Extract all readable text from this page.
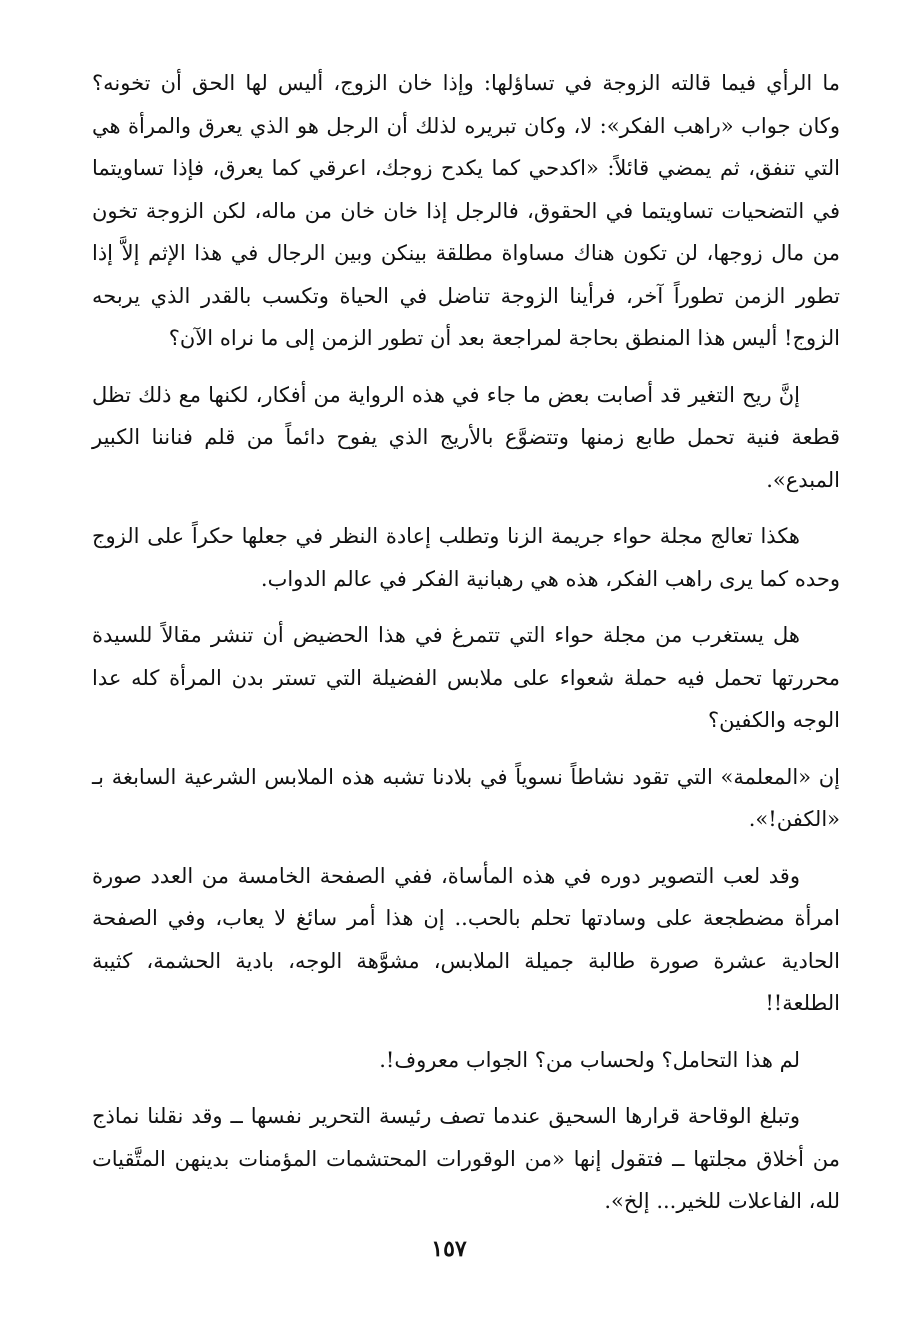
ما الرأي فيما قالته الزوجة في تساؤلها: وإذا خان الزوج، أليس لها الحق أن تخونه؟ وكان جواب «راهب الفكر»: لا، وكان تبريره لذلك أن الرجل هو الذي يعرق والمرأة هي التي تنفق، ثم يمضي قائلاً: «اكدحي كما يكدح زوجك، اعرقي كما يعرق، فإذا تساويتما في التضحيات تساويتما في الحقوق، فالرجل إذا خان خان من ماله، لكن الزوجة تخون من مال زوجها، لن تكون هناك مساواة مطلقة بينكن وبين الرجال في هذا الإثم إلاَّ إذا تطور الزمن تطوراً آخر، فرأينا الزوجة تناضل في الحياة وتكسب بالقدر الذي يربحه الزوج! أليس هذا المنطق بحاجة لمراجعة بعد أن تطور الزمن إلى ما نراه الآن؟

إنَّ ريح التغير قد أصابت بعض ما جاء في هذه الرواية من أفكار، لكنها مع ذلك تظل قطعة فنية تحمل طابع زمنها وتتضوَّع بالأريج الذي يفوح دائماً من قلم فناننا الكبير المبدع».

هكذا تعالج مجلة حواء جريمة الزنا وتطلب إعادة النظر في جعلها حكراً على الزوج وحده كما يرى راهب الفكر، هذه هي رهبانية الفكر في عالم الدواب.

هل يستغرب من مجلة حواء التي تتمرغ في هذا الحضيض أن تنشر مقالاً للسيدة محررتها تحمل فيه حملة شعواء على ملابس الفضيلة التي تستر بدن المرأة كله عدا الوجه والكفين؟

إن «المعلمة» التي تقود نشاطاً نسوياً في بلادنا تشبه هذه الملابس الشرعية السابغة بـ «الكفن!».

وقد لعب التصوير دوره في هذه المأساة، ففي الصفحة الخامسة من العدد صورة امرأة مضطجعة على وسادتها تحلم بالحب.. إن هذا أمر سائغ لا يعاب، وفي الصفحة الحادية عشرة صورة طالبة جميلة الملابس، مشوَّهة الوجه، بادية الحشمة، كثيبة الطلعة!!

لم هذا التحامل؟ ولحساب من؟ الجواب معروف!.

وتبلغ الوقاحة قرارها السحيق عندما تصف رئيسة التحرير نفسها ــ وقد نقلنا نماذج من أخلاق مجلتها ــ فتقول إنها «من الوقورات المحتشمات المؤمنات بدينهن المتَّقيات لله، الفاعلات للخير... إلخ».

١٥٧
